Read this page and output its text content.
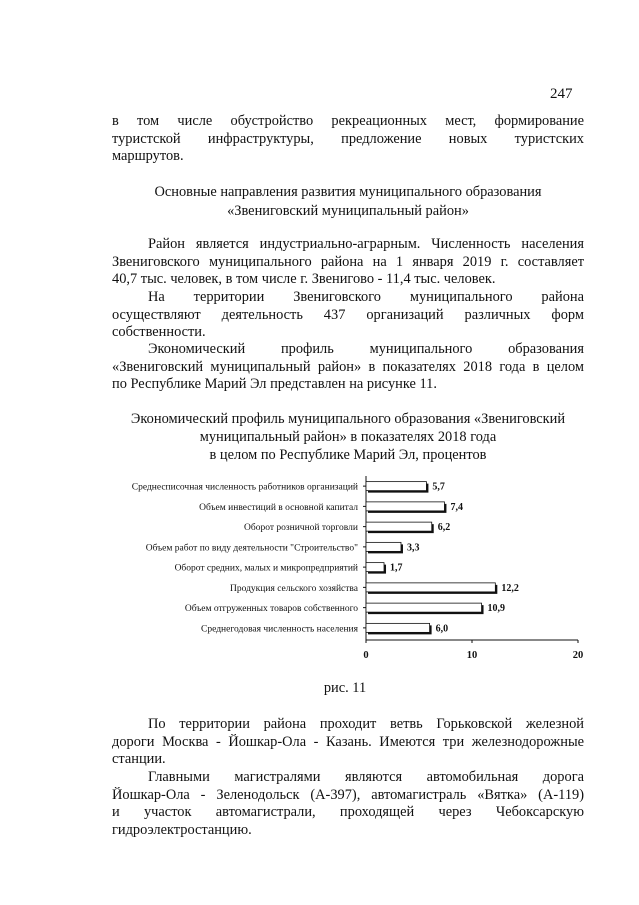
247
в том числе обустройство рекреационных мест, формирование
туристской инфраструктуры, предложение новых туристских
маршрутов.
Основные направления развития муниципального образования
«Звениговский муниципальный район»
Район является индустриально-аграрным. Численность населения
Звениговского муниципального района на 1 января 2019 г. составляет
40,7 тыс. человек, в том числе г. Звенигово - 11,4 тыс. человек.
На территории Звениговского муниципального района
осуществляют деятельность 437 организаций различных форм
собственности.
Экономический профиль муниципального образования
«Звениговский муниципальный район» в показателях 2018 года в целом
по Республике Марий Эл представлен на рисунке 11.
Экономический профиль муниципального образования «Звениговский
муниципальный район» в показателях 2018 года
в целом по Республике Марий Эл, процентов
Среднесписочная численность работников организаций	5,7
Объем инвестиций в основной капитал	7,4
Оборот розничной торговли	6,2
Объем работ по виду деятельности "Строительство"	3,3
Оборот средних, малых и микропредприятий	1,7
Продукция сельского хозяйства	12,2
Объем отгруженных товаров собственного	10,9
Среднегодовая численность населения	6,0
0	10	20
рис. 11
По территории района проходит ветвь Горьковской железной
дороги Москва - Йошкар-Ола - Казань. Имеются три железнодорожные
станции.
Главными магистралями являются автомобильная дорога
Йошкар-Ола - Зеленодольск (А-397), автомагистраль «Вятка» (А-119)
и участок автомагистрали, проходящей через Чебоксарскую
гидроэлектростанцию.
